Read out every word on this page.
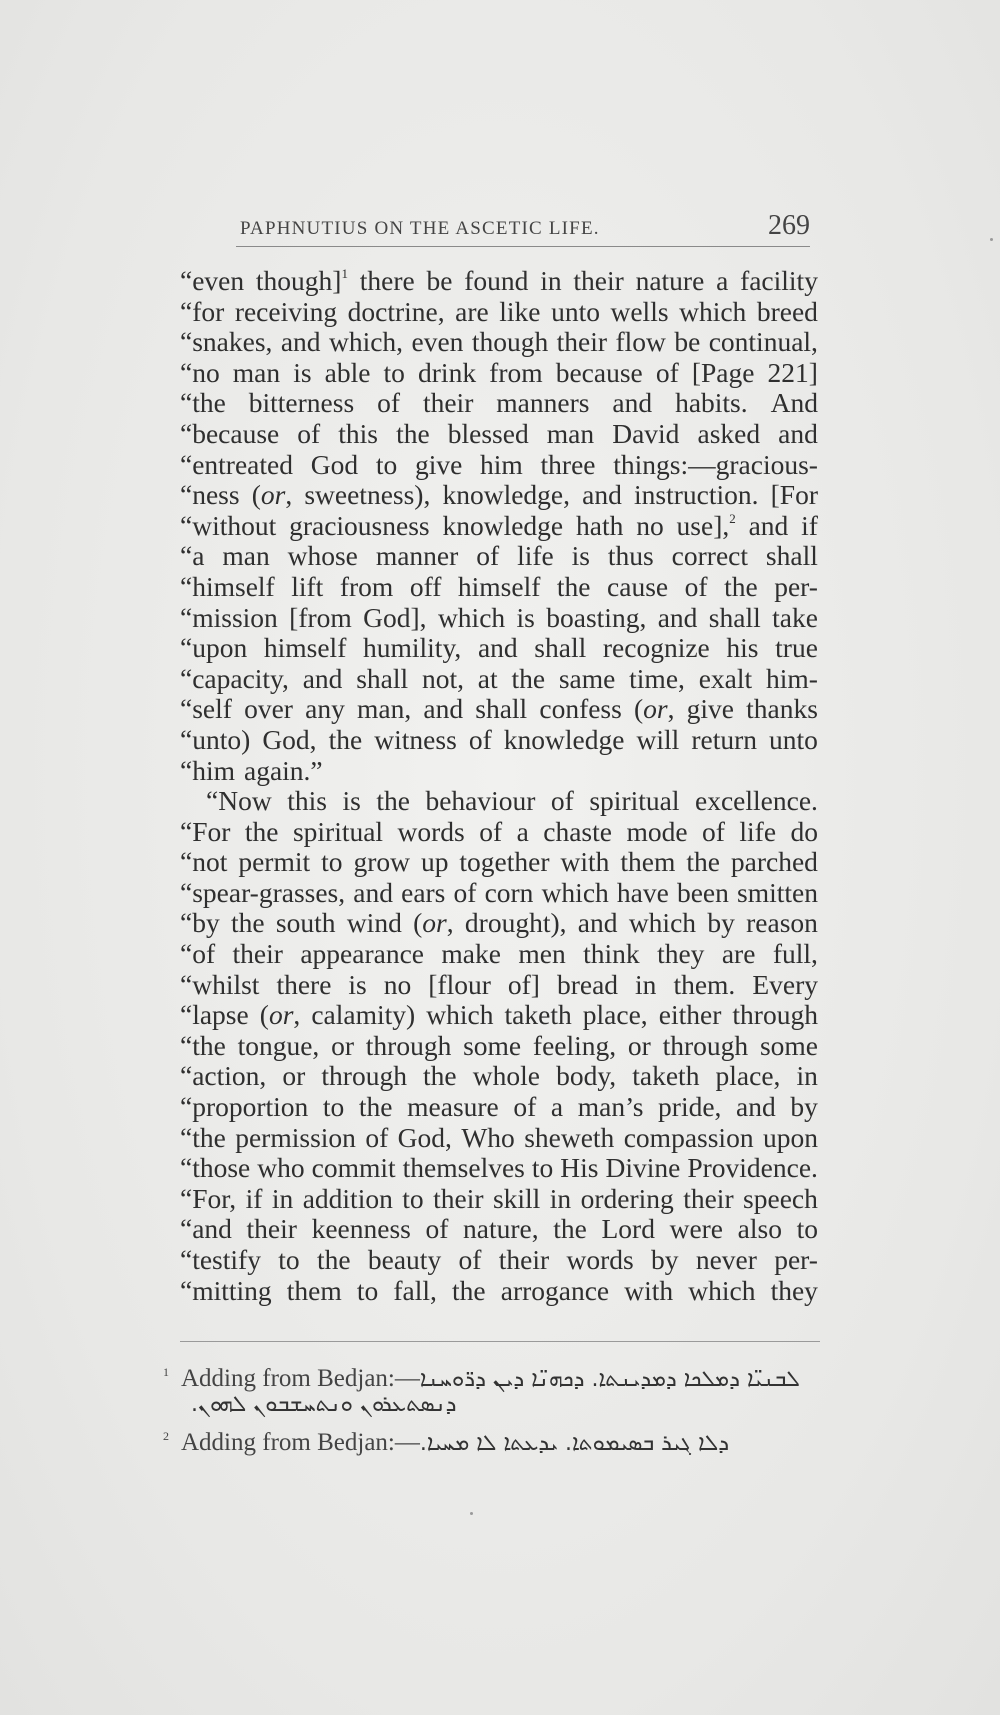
PAPHNUTIUS ON THE ASCETIC LIFE.	269
“even though]$^1$ there be found in their nature a facility
“for receiving doctrine, are like unto wells which breed
“snakes, and which, even though their flow be continual,
“no man is able to drink from because of [Page 221]
“the bitterness of their manners and habits. And
“because of this the blessed man David asked and
“entreated God to give him three things:—gracious-
“ness (or, sweetness), knowledge, and instruction. [For
“without graciousness knowledge hath no use],$^2$ and if
“a man whose manner of life is thus correct shall
“himself lift from off himself the cause of the per-
“mission [from God], which is boasting, and shall take
“upon himself humility, and shall recognize his true
“capacity, and shall not, at the same time, exalt him-
“self over any man, and shall confess (or, give thanks
“unto) God, the witness of knowledge will return unto
“him again.”
“Now this is the behaviour of spiritual excellence.
“For the spiritual words of a chaste mode of life do
“not permit to grow up together with them the parched
“spear-grasses, and ears of corn which have been smitten
“by the south wind (or, drought), and which by reason
“of their appearance make men think they are full,
“whilst there is no [flour of] bread in them. Every
“lapse (or, calamity) which taketh place, either through
“the tongue, or through some feeling, or through some
“action, or through the whole body, taketh place, in
“proportion to the measure of a man’s pride, and by
“the permission of God, Who sheweth compassion upon
“those who commit themselves to His Divine Providence.
“For, if in addition to their skill in ordering their speech
“and their keenness of nature, the Lord were also to
“testify to the beauty of their words by never per-
“mitting them to fall, the arrogance with which they
$^1$ Adding from Bedjan:—ܠܒܢܝ̈ܐ ܕܡܠܟܐ ܕܡܕܝܢܬܐ. ܕܟܗܢ̈ܐ ܕܝܢ ܕܪ̈ܘܚܢܐ
ܕܢܣܬܥܪܘܢ ܘܢܬܚܫܒܘܢ ܠܗܘܢ.
$^2$ Adding from Bedjan:—ܕܠܐ ܓܝܪ ܒܣܝܡܘܬܐ. ܝܕܥܬܐ ܠܐ ܡܚܝܐ.
